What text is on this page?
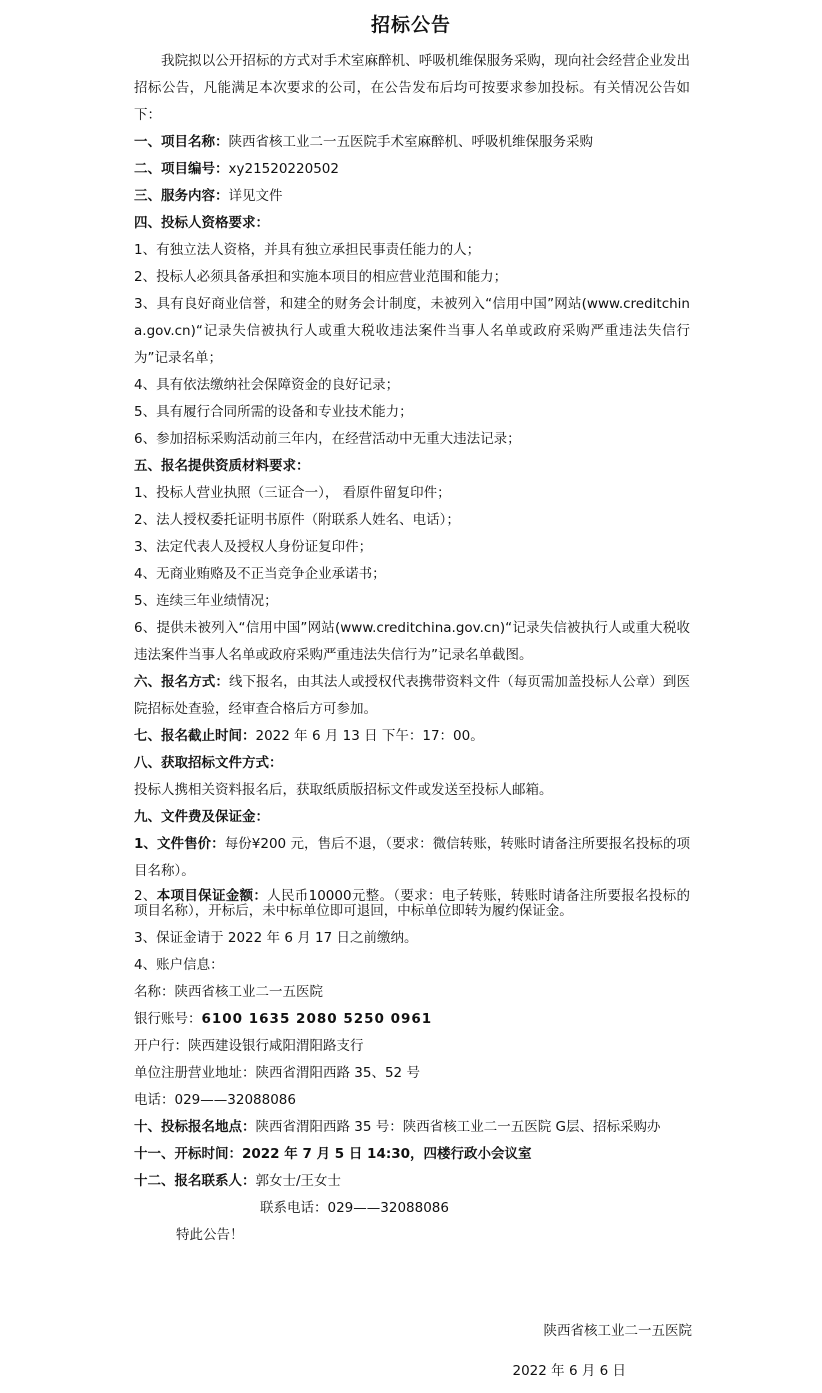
招标公告

我院拟以公开招标的方式对手术室麻醉机、呼吸机维保服务采购，现向社会经营企业发出招标公告，凡能满足本次要求的公司，在公告发布后均可按要求参加投标。有关情况公告如下：

一、项目名称：陕西省核工业二一五医院手术室麻醉机、呼吸机维保服务采购

二、项目编号：xy21520220502

三、服务内容：详见文件

四、投标人资格要求：

1、有独立法人资格，并具有独立承担民事责任能力的人；

2、投标人必须具备承担和实施本项目的相应营业范围和能力；

3、具有良好商业信誉，和建全的财务会计制度，未被列入“信用中国”网站(www.creditchina.gov.cn)“记录失信被执行人或重大税收违法案件当事人名单或政府采购严重违法失信行为”记录名单；

4、具有依法缴纳社会保障资金的良好记录；

5、具有履行合同所需的设备和专业技术能力；

6、参加招标采购活动前三年内，在经营活动中无重大违法记录；

五、报名提供资质材料要求：

1、投标人营业执照（三证合一）， 看原件留复印件；

2、法人授权委托证明书原件（附联系人姓名、电话）；

3、法定代表人及授权人身份证复印件；

4、无商业贿赂及不正当竞争企业承诺书；

5、连续三年业绩情况；

6、提供未被列入“信用中国”网站(www.creditchina.gov.cn)“记录失信被执行人或重大税收违法案件当事人名单或政府采购严重违法失信行为”记录名单截图。

六、报名方式：线下报名，由其法人或授权代表携带资料文件（每页需加盖投标人公章）到医院招标处查验，经审查合格后方可参加。

七、报名截止时间：2022 年 6 月 13 日 下午：17：00。

八、获取招标文件方式：

投标人携相关资料报名后，获取纸质版招标文件或发送至投标人邮箱。

九、文件费及保证金：

1、文件售价：每份¥200 元，售后不退，（要求：微信转账，转账时请备注所要报名投标的项目名称）。

2、本项目保证金额：人民币10000元整。（要求：电子转账，转账时请备注所要报名投标的项目名称），开标后，未中标单位即可退回，中标单位即转为履约保证金。

3、保证金请于 2022 年 6 月 17 日之前缴纳。

4、账户信息：

名称：陕西省核工业二一五医院

银行账号：6100 1635 2080 5250 0961

开户行：陕西建设银行咸阳渭阳路支行

单位注册营业地址：陕西省渭阳西路 35、52 号

电话：029——32088086

十、投标报名地点：陕西省渭阳西路 35 号：陕西省核工业二一五医院 G层、招标采购办

十一、开标时间：2022 年 7 月 5 日 14:30，四楼行政小会议室

十二、报名联系人：郭女士/王女士

联系电话：029——32088086

特此公告！

陕西省核工业二一五医院
2022 年 6 月 6 日
